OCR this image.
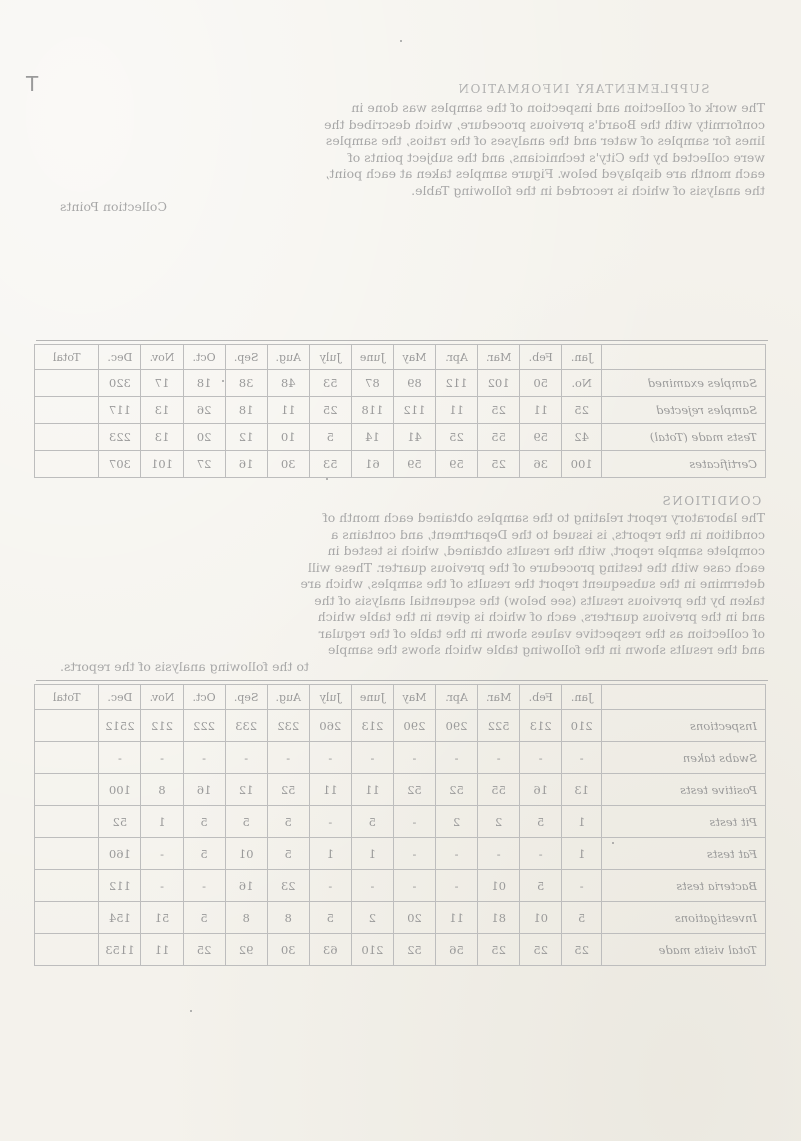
T	SUPPLEMENTARY INFORMATION

The work of collection and inspection of the samples was done in

conformity with the Board's previous procedure, which described the

lines for samples of water and the analyses of the ratios, the samples

were collected by the City's technicians, and the subject points of

each month are displayed below. Figure samples taken at each point,

the analysis of which is recorded in the following Table.

Collection Points

	Jan.	Feb.	Mar.	Apr.	May	June	July	Aug.	Sep.	Oct.	Nov.	Dec.	Total
Samples examined	No.	50	102	112	89	87	53	48	38	18	17	320	
Samples rejected	25	11	25	11	112	118	25	11	18	26	13	117	
Tests made (Total)	42	59	55	25	41	14	5	10	12	20	13	223	
Certificates	100	36	25	59	59	61	53	30	16	27	101	307	
CONDITIONS

The laboratory report relating to the samples obtained each month of

condition in the reports, is issued to the Department, and contains a

complete sample report, with the results obtained, which is tested in

each case with the testing procedure of the previous quarter. These will

determine in the subsequent report the results of the samples, which are

taken by the previous results (see below) the sequential analysis of the

and in the previous quarters, each of which is given in the table which

of collection as the respective values shown in the table of the regular

and the results shown in the following table which shows the sample

to the following analysis of the reports.

	Jan.	Feb.	Mar.	Apr.	May	June	July	Aug.	Sep.	Oct.	Nov.	Dec.	Total
Inspections	210	213	522	290	290	213	260	232	233	222	212	2512	
Swabs taken	-	-	-	-	-	-	-	-	-	-	-	-	
Positive tests	13	16	55	52	52	11	11	52	12	16	8	100	
Pit tests	1	5	2	2	-	5	-	5	5	5	1	52	
Fat tests	1	-	-	-	-	1	1	5	01	5	-	160	
Bacteria tests	-	5	01	-	-	-	-	23	16	-	-	112	
Investigations	5	01	81	11	20	2	5	8	8	5	51	154	
Total visits made	25	25	25	56	52	210	63	30	92	25	11	1153	
